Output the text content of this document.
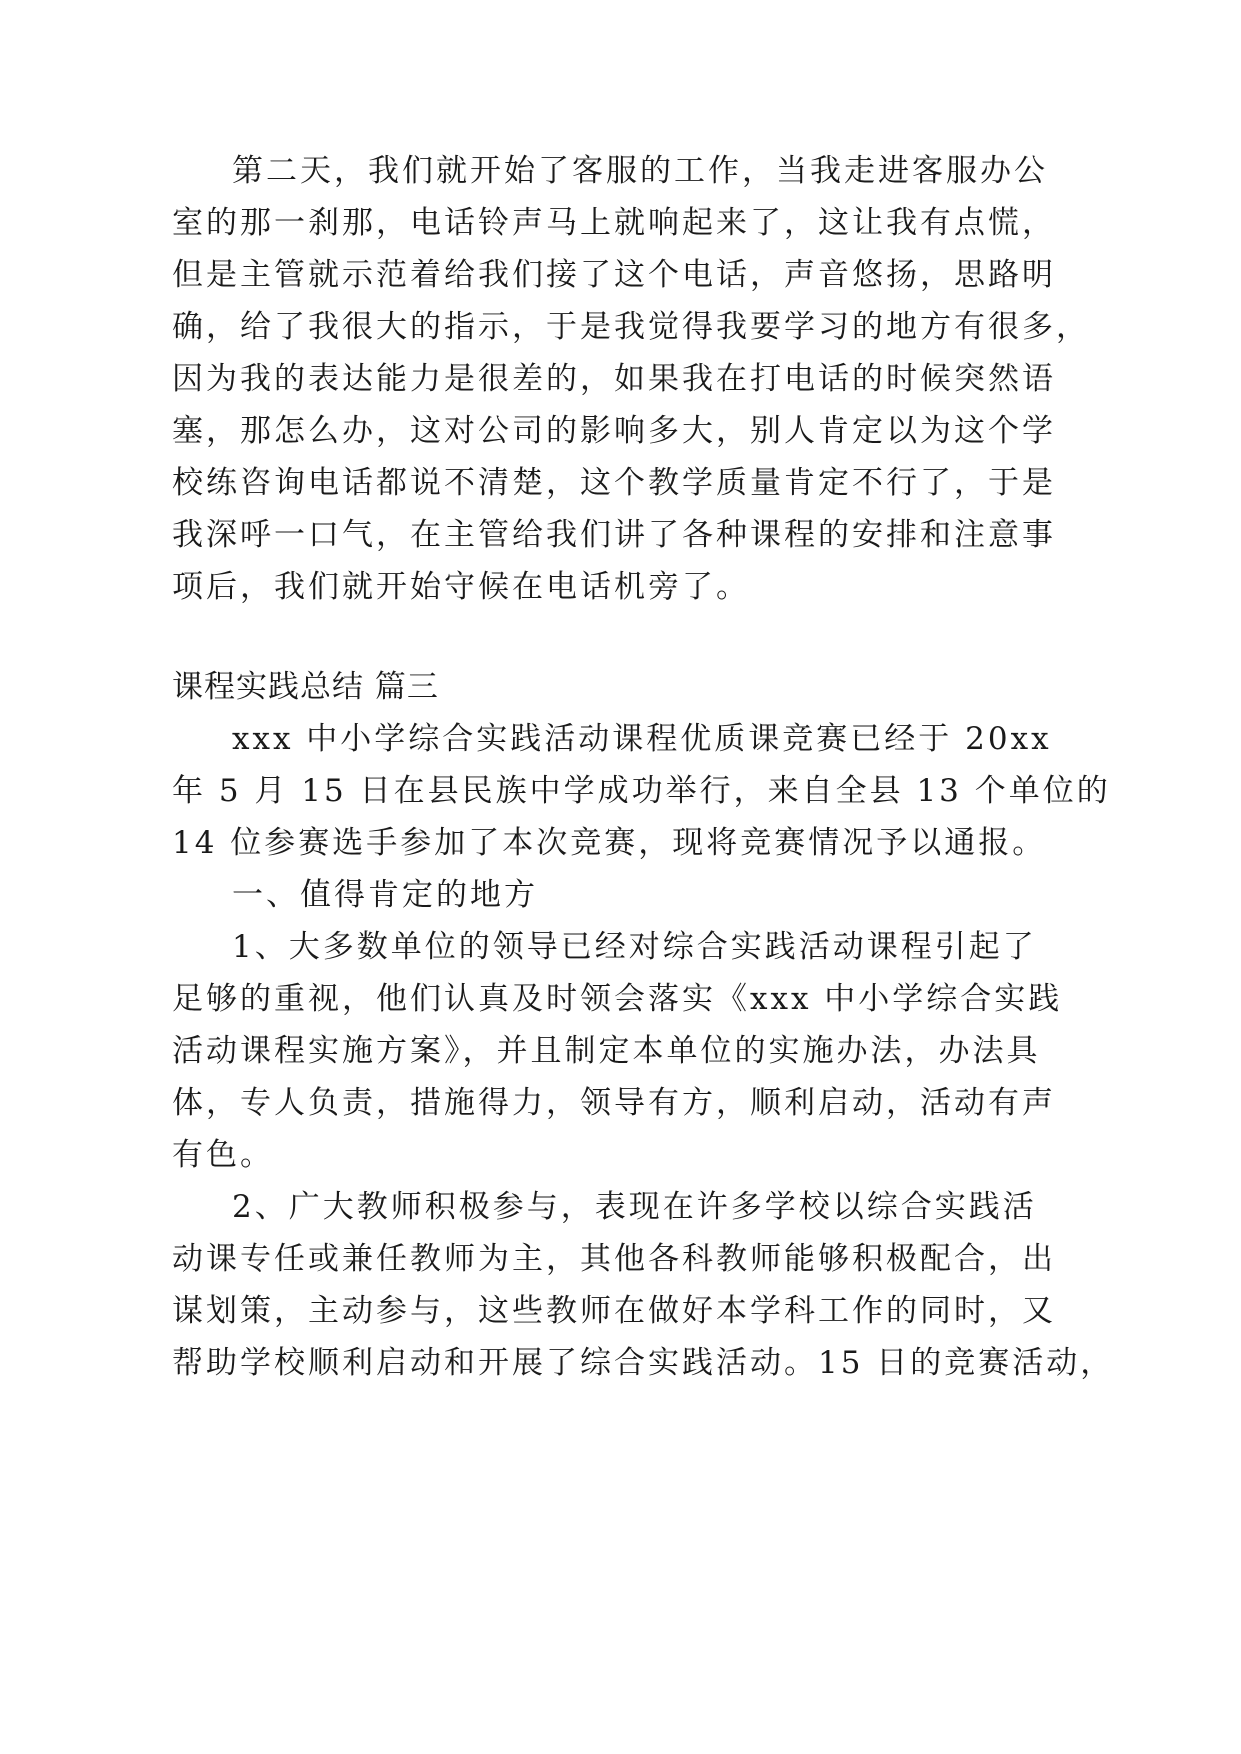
第二天，我们就开始了客服的工作，当我走进客服办公
室的那一刹那，电话铃声马上就响起来了，这让我有点慌，
但是主管就示范着给我们接了这个电话，声音悠扬，思路明
确，给了我很大的指示，于是我觉得我要学习的地方有很多，
因为我的表达能力是很差的，如果我在打电话的时候突然语
塞，那怎么办，这对公司的影响多大，别人肯定以为这个学
校练咨询电话都说不清楚，这个教学质量肯定不行了，于是
我深呼一口气，在主管给我们讲了各种课程的安排和注意事
项后，我们就开始守候在电话机旁了。
课程实践总结 篇三
xxx 中小学综合实践活动课程优质课竞赛已经于 20xx
年 5 月 15 日在县民族中学成功举行，来自全县 13 个单位的
14 位参赛选手参加了本次竞赛，现将竞赛情况予以通报。
一、值得肯定的地方
1、大多数单位的领导已经对综合实践活动课程引起了
足够的重视，他们认真及时领会落实《xxx 中小学综合实践
活动课程实施方案》，并且制定本单位的实施办法，办法具
体，专人负责，措施得力，领导有方，顺利启动，活动有声
有色。
2、广大教师积极参与，表现在许多学校以综合实践活
动课专任或兼任教师为主，其他各科教师能够积极配合，出
谋划策，主动参与，这些教师在做好本学科工作的同时，又
帮助学校顺利启动和开展了综合实践活动。15 日的竞赛活动，
